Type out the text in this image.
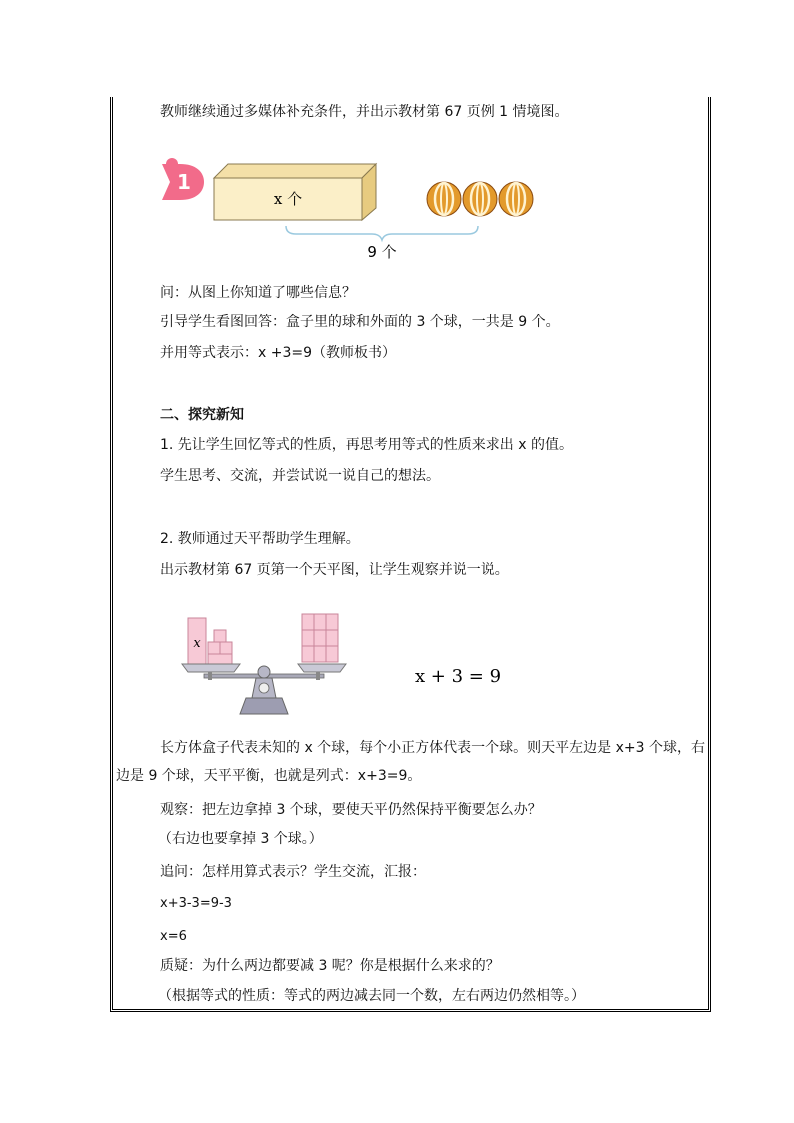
教师继续通过多媒体补充条件，并出示教材第 67 页例 1 情境图。
1
x 个
9 个
问：从图上你知道了哪些信息？
引导学生看图回答：盒子里的球和外面的 3 个球，一共是 9 个。
并用等式表示：x +3=9（教师板书）
二、探究新知
1. 先让学生回忆等式的性质，再思考用等式的性质来求出 x 的值。
学生思考、交流，并尝试说一说自己的想法。
2. 教师通过天平帮助学生理解。
出示教材第 67 页第一个天平图，让学生观察并说一说。
x
x + 3 = 9
长方体盒子代表未知的 x 个球，每个小正方体代表一个球。则天平左边是 x+3 个球，右边是 9 个球，天平平衡，也就是列式：x+3=9。
观察：把左边拿掉 3 个球，要使天平仍然保持平衡要怎么办？
（右边也要拿掉 3 个球。）
追问：怎样用算式表示？学生交流，汇报：
x+3-3=9-3
x=6
质疑：为什么两边都要减 3 呢？你是根据什么来求的？
（根据等式的性质：等式的两边减去同一个数，左右两边仍然相等。）
